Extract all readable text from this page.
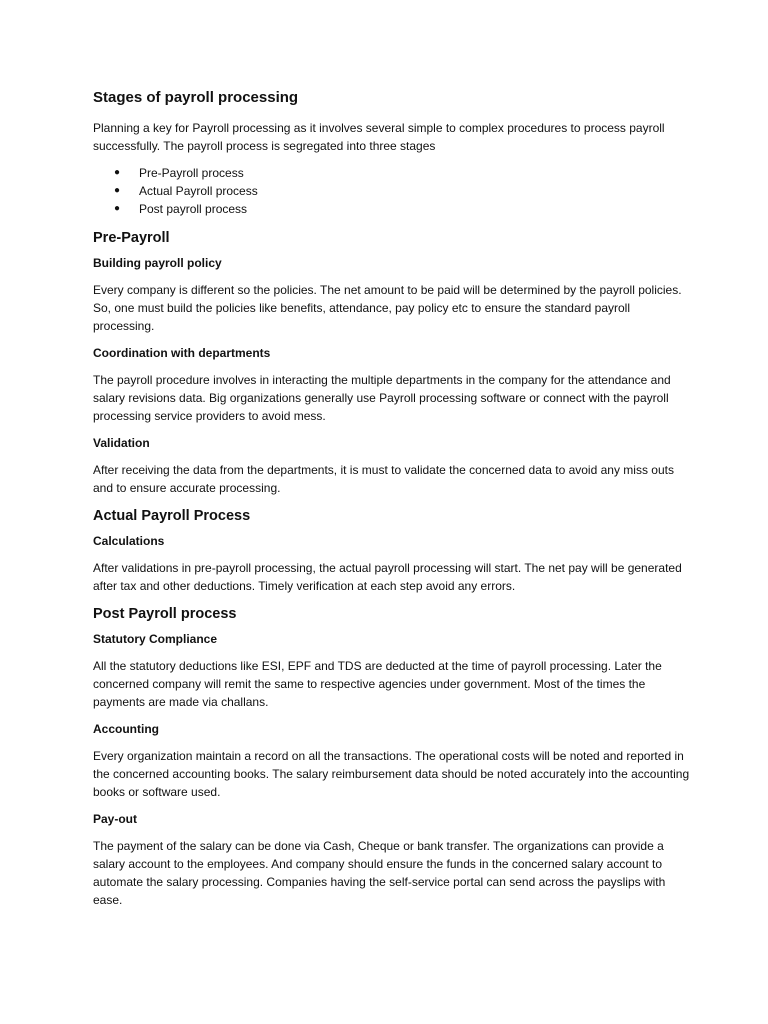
Stages of payroll processing

Planning a key for Payroll processing as it involves several simple to complex procedures to process payroll successfully. The payroll process is segregated into three stages

●	Pre-Payroll process
●	Actual Payroll process
●	Post payroll process
Pre-Payroll
Building payroll policy

Every company is different so the policies. The net amount to be paid will be determined by the payroll policies. So, one must build the policies like benefits, attendance, pay policy etc to ensure the standard payroll processing.

Coordination with departments

The payroll procedure involves in interacting the multiple departments in the company for the attendance and salary revisions data. Big organizations generally use Payroll processing software or connect with the payroll processing service providers to avoid mess.

Validation

After receiving the data from the departments, it is must to validate the concerned data to avoid any miss outs and to ensure accurate processing.

Actual Payroll Process
Calculations

After validations in pre-payroll processing, the actual payroll processing will start. The net pay will be generated after tax and other deductions. Timely verification at each step avoid any errors.

Post Payroll process
Statutory Compliance

All the statutory deductions like ESI, EPF and TDS are deducted at the time of payroll processing. Later the concerned company will remit the same to respective agencies under government. Most of the times the payments are made via challans.

Accounting

Every organization maintain a record on all the transactions. The operational costs will be noted and reported in the concerned accounting books. The salary reimbursement data should be noted accurately into the accounting books or software used.

Pay-out

The payment of the salary can be done via Cash, Cheque or bank transfer. The organizations can provide a salary account to the employees. And company should ensure the funds in the concerned salary account to automate the salary processing. Companies having the self-service portal can send across the payslips with ease.
